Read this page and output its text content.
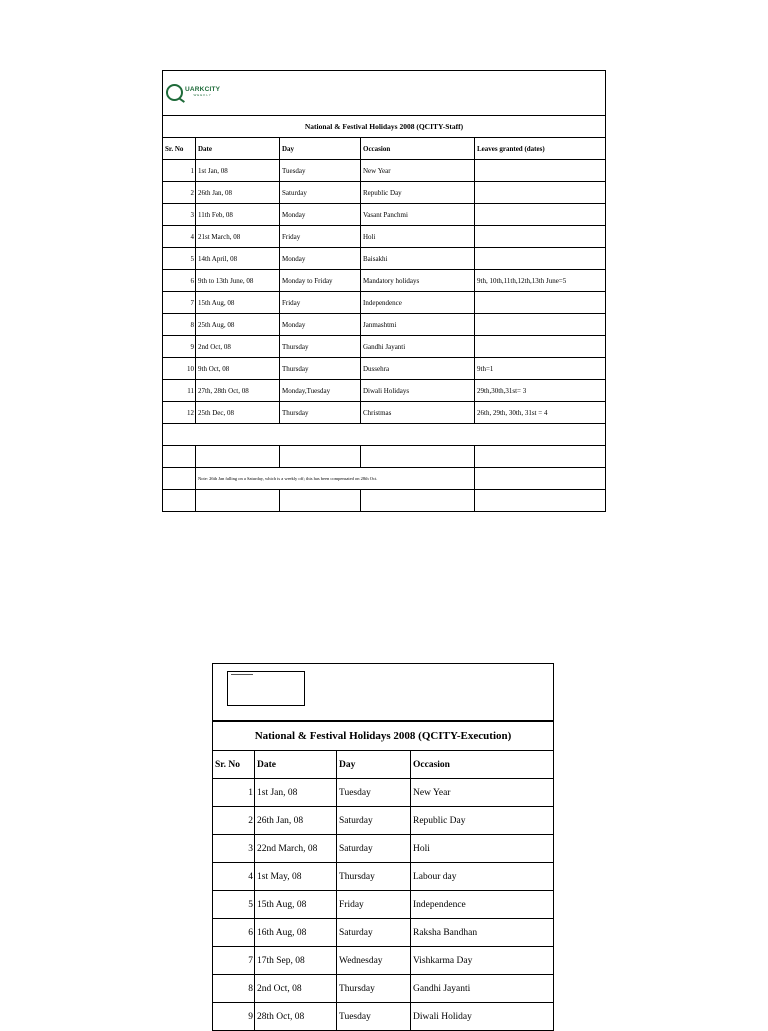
UARKCITY
WEEKLY				

National & Festival Holidays 2008 (QCITY-Staff)				
Sr. No	Date	Day	Occasion	Leaves granted (dates)
1	1st Jan, 08	Tuesday	New Year	
2	26th Jan, 08	Saturday	Republic Day	
3	11th Feb, 08	Monday	Vasant Panchmi	
4	21st March, 08	Friday	Holi	
5	14th April, 08	Monday	Baisakhi	
6	9th to 13th June, 08	Monday to Friday	Mandatory holidays	9th, 10th,11th,12th,13th June=5
7	15th Aug, 08	Friday	Independence	
8	25th Aug, 08	Monday	Janmashtmi	
9	2nd Oct, 08	Thursday	Gandhi Jayanti	
10	9th Oct, 08	Thursday	Dussehra	9th=1
11	27th, 28th Oct, 08	Monday,Tuesday	Diwali Holidays	29th,30th,31st= 3
12	25th Dec, 08	Thursday	Christmas	26th, 29th, 30th, 31st = 4

	Note: 26th Jan falling on a Saturday, which is a weekly off; this has been compensated on 28th Oct.			

National & Festival Holidays 2008 (QCITY-Execution)			
Sr. No	Date	Day	Occasion
1	1st Jan, 08	Tuesday	New Year
2	26th Jan, 08	Saturday	Republic Day
3	22nd March, 08	Saturday	Holi
4	1st May, 08	Thursday	Labour day
5	15th Aug, 08	Friday	Independence
6	16th Aug, 08	Saturday	Raksha Bandhan
7	17th Sep, 08	Wednesday	Vishkarma Day
8	2nd Oct, 08	Thursday	Gandhi Jayanti
9	28th Oct, 08	Tuesday	Diwali Holiday
